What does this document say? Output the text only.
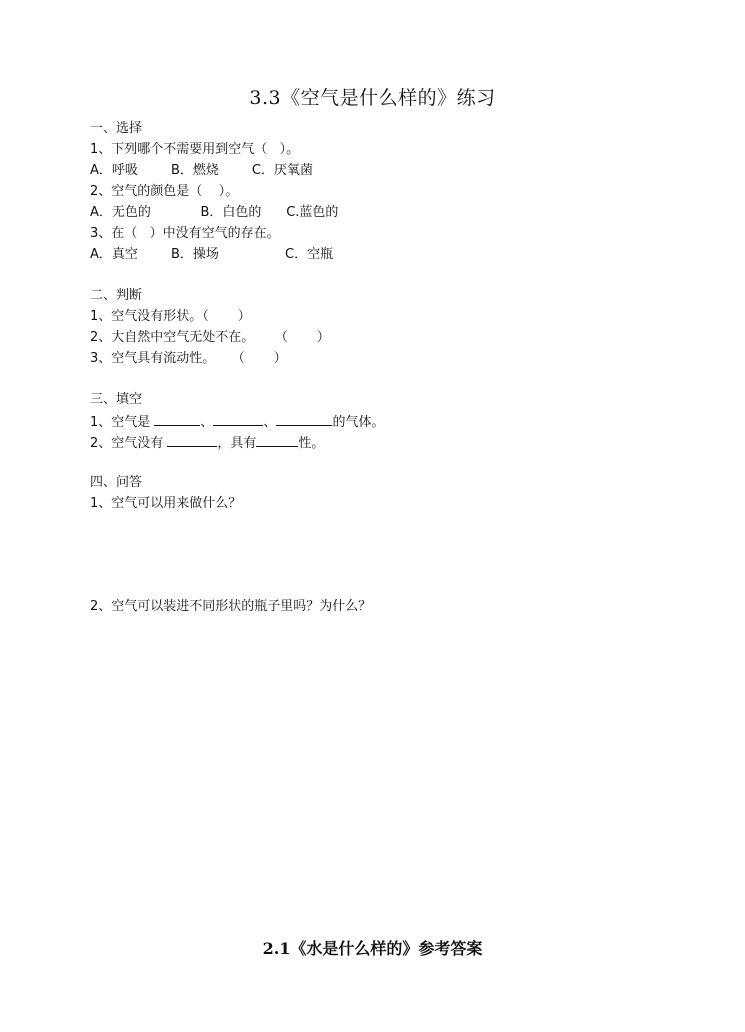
3.3《空气是什么样的》练习
一、选择
1、下列哪个不需要用到空气（   ）。
A．呼吸        B．燃烧        C．厌氧菌
2、空气的颜色是（    ）。
A．无色的            B．白色的      C.蓝色的
3、在（   ）中没有空气的存在。
A．真空        B．操场                C．空瓶
二、判断
1、空气没有形状。（       ）
2、大自然中空气无处不在。     （       ）
3、空气具有流动性。    （       ）
三、填空
1、空气是	、	、	的气体。
2、空气没有	，具有	性。
四、问答
1、空气可以用来做什么？
2、空气可以装进不同形状的瓶子里吗？为什么？
2.1《水是什么样的》参考答案
